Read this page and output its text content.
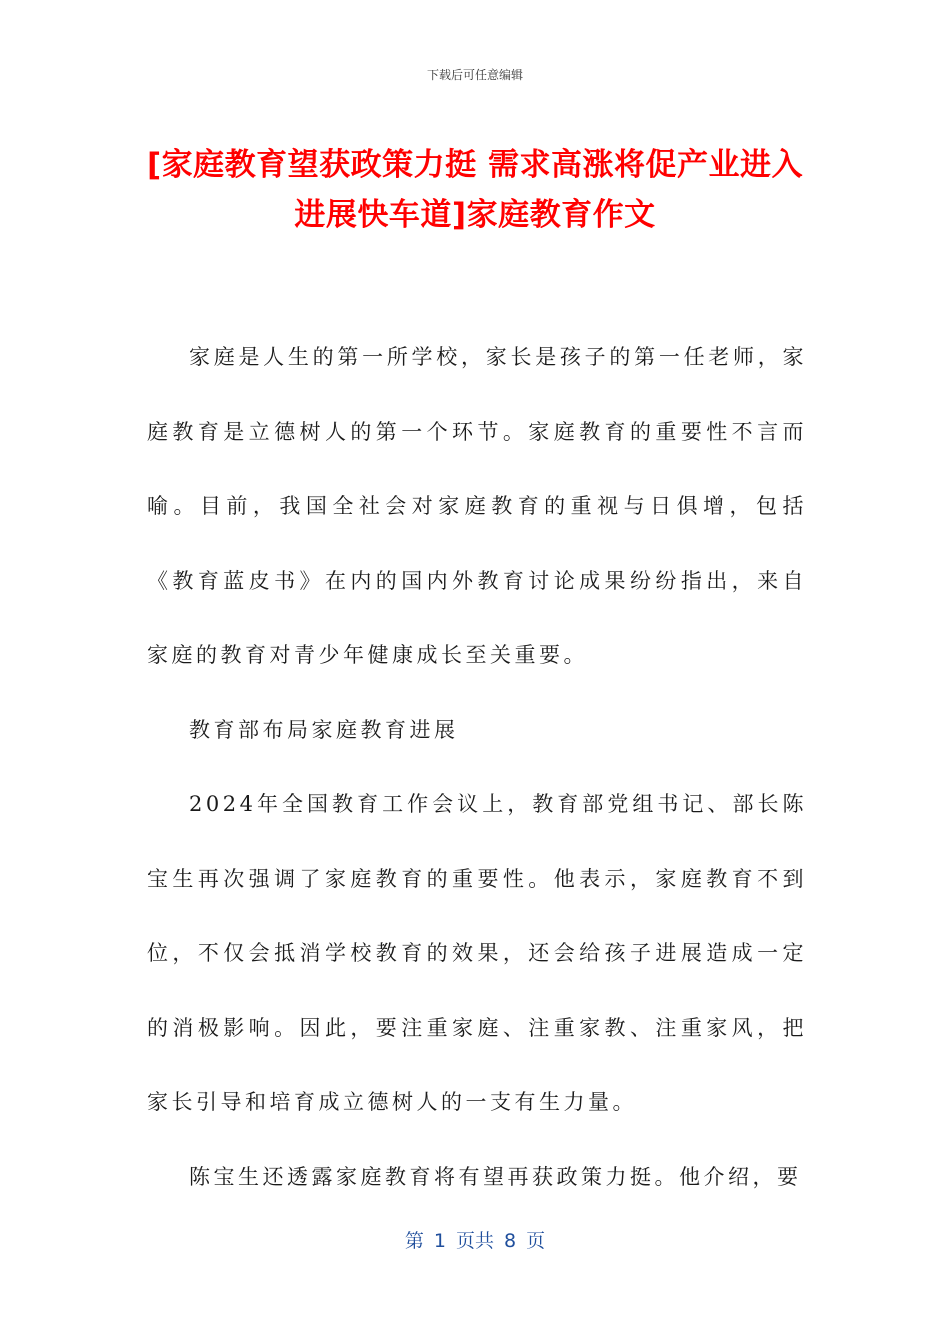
下载后可任意编辑
[家庭教育望获政策力挺 需求高涨将促产业进入进展快车道]家庭教育作文

家庭是人生的第一所学校，家长是孩子的第一任老师，家庭教育是立德树人的第一个环节。家庭教育的重要性不言而喻。目前，我国全社会对家庭教育的重视与日俱增，包括《教育蓝皮书》在内的国内外教育讨论成果纷纷指出，来自家庭的教育对青少年健康成长至关重要。

教育部布局家庭教育进展

2024年全国教育工作会议上，教育部党组书记、部长陈宝生再次强调了家庭教育的重要性。他表示，家庭教育不到位，不仅会抵消学校教育的效果，还会给孩子进展造成一定的消极影响。因此，要注重家庭、注重家教、注重家风，把家长引导和培育成立德树人的一支有生力量。

陈宝生还透露家庭教育将有望再获政策力挺。他介绍，要

第 1 页共 8 页
